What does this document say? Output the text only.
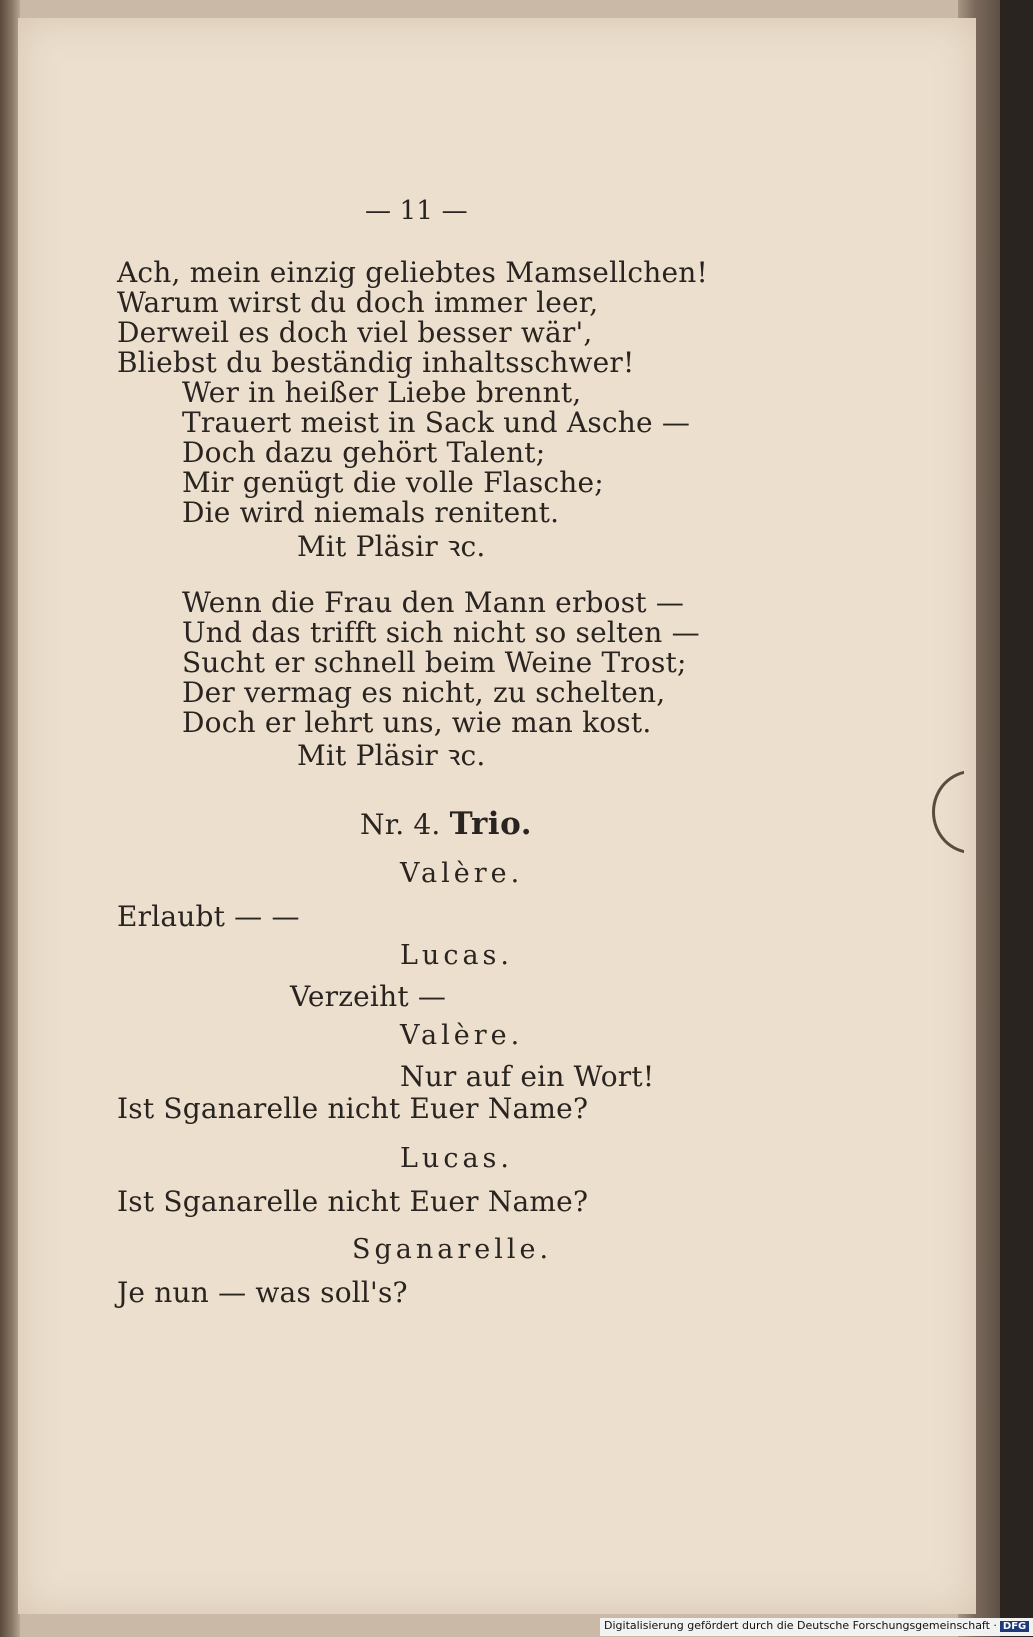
— 11 —
Ach, mein einzig geliebtes Mamsellchen!
Warum wirst du doch immer leer,
Derweil es doch viel besser wär',
Bliebst du beständig inhaltsschwer!
Wer in heißer Liebe brennt,
Trauert meist in Sack und Asche —
Doch dazu gehört Talent;
Mir genügt die volle Flasche;
Die wird niemals renitent.
Mit Pläsir ꝛc.
Wenn die Frau den Mann erbost —
Und das trifft sich nicht so selten —
Sucht er schnell beim Weine Trost;
Der vermag es nicht, zu schelten,
Doch er lehrt uns, wie man kost.
Mit Pläsir ꝛc.
Nr. 4. Trio.
Valère.
Erlaubt — —
Lucas.
Verzeiht —
Valère.
Nur auf ein Wort!
Ist Sganarelle nicht Euer Name?
Lucas.
Ist Sganarelle nicht Euer Name?
Sganarelle.
Je nun — was soll's?
Digitalisierung gefördert durch die Deutsche Forschungsgemeinschaft · DFG
